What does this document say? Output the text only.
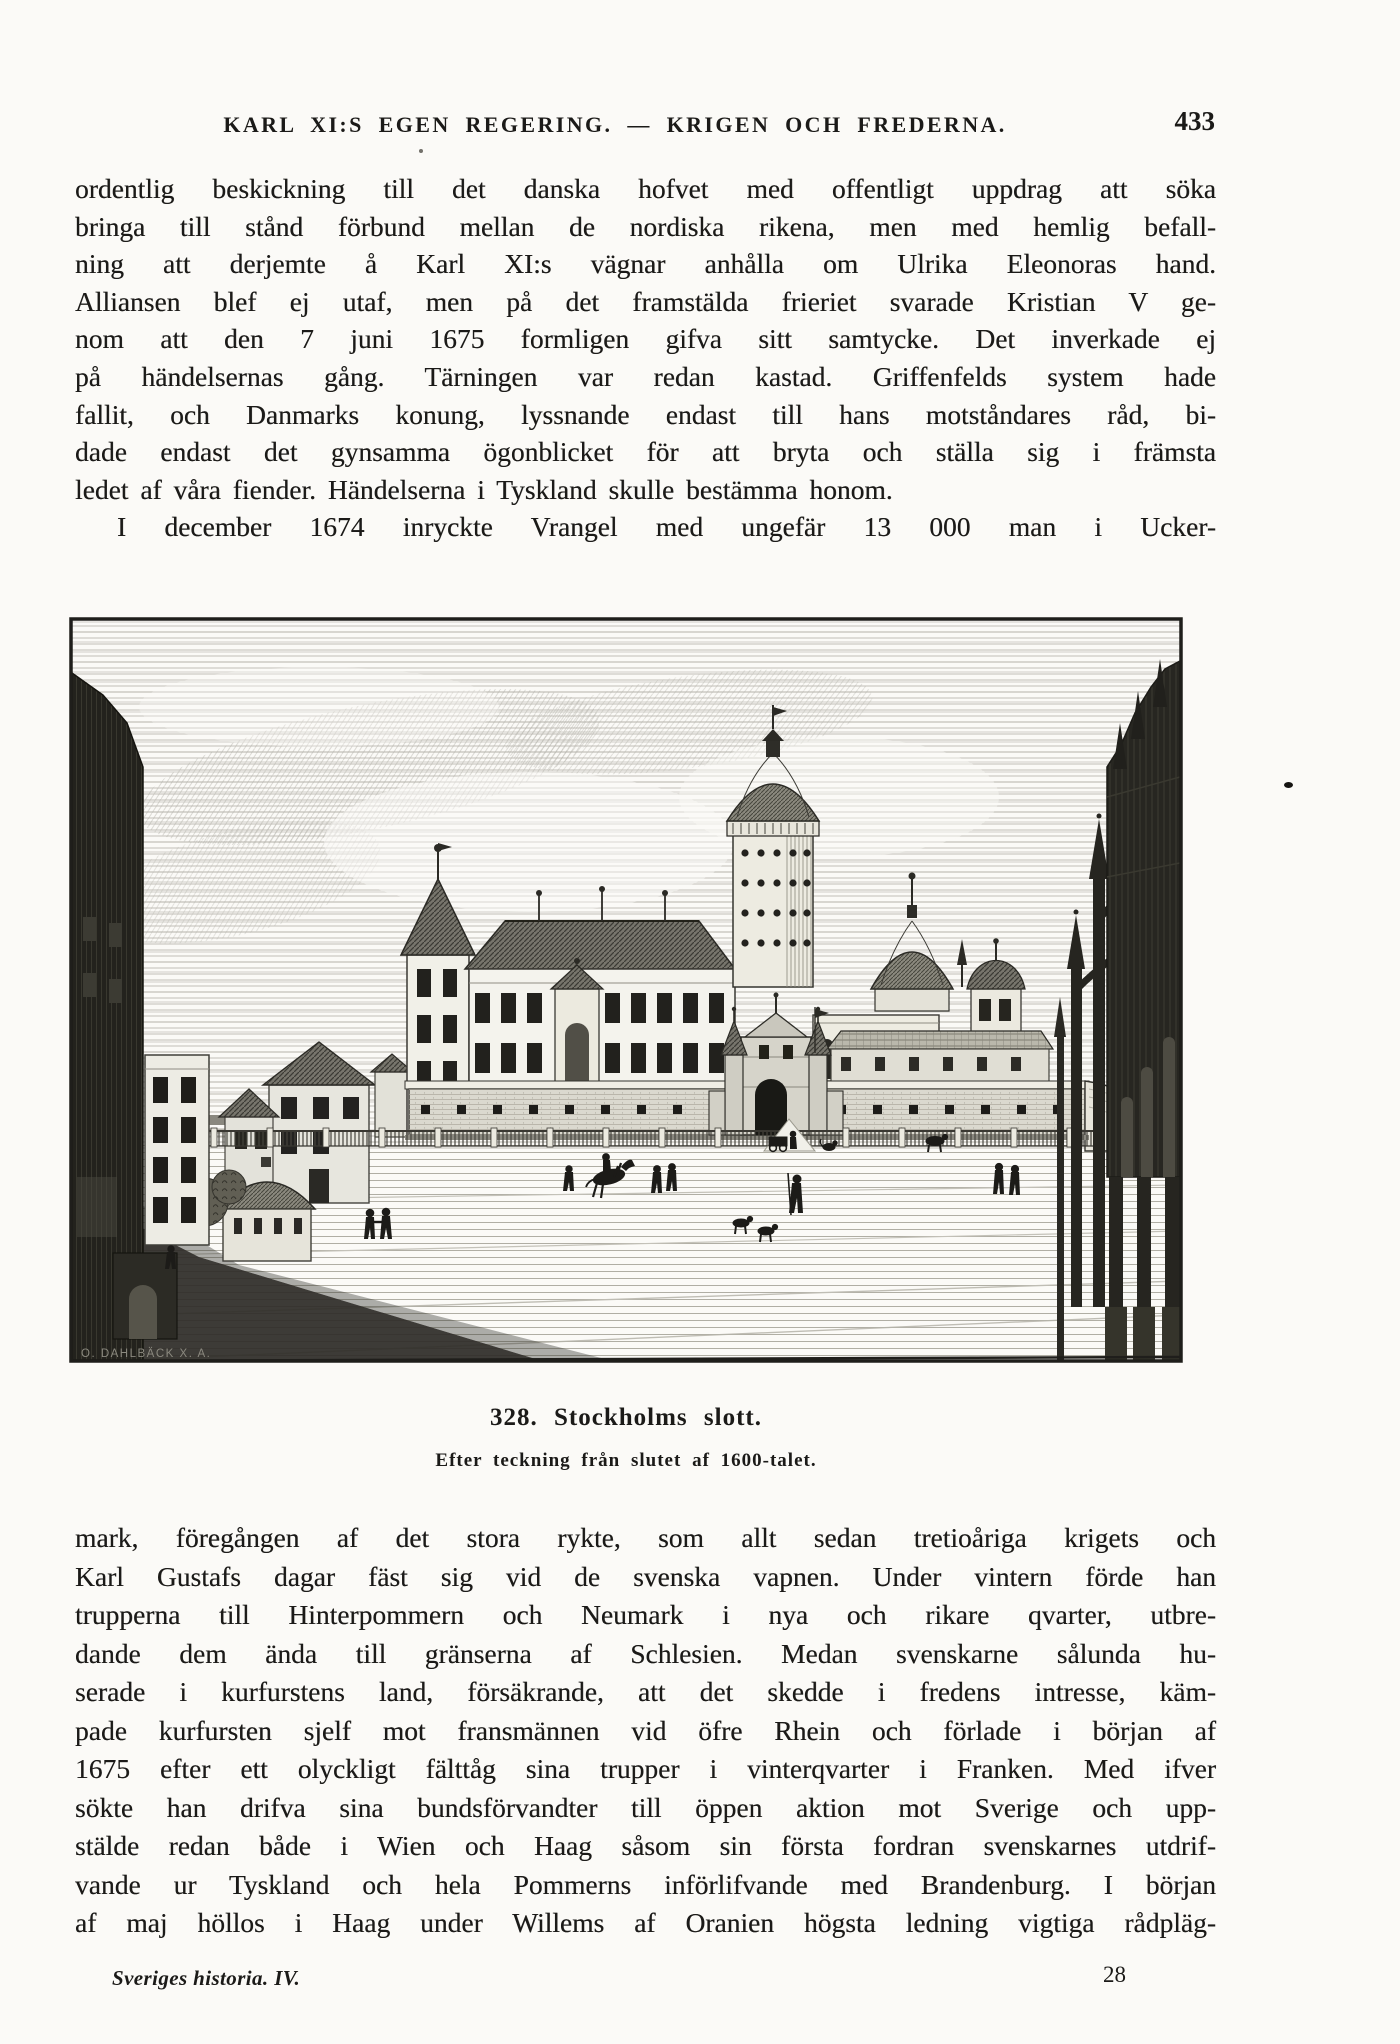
KARL XI:S EGEN REGERING. — KRIGEN OCH FREDERNA.	433
ordentlig beskickning till det danska hofvet med offentligt uppdrag att söka
bringa till stånd förbund mellan de nordiska rikena, men med hemlig befall-
ning att derjemte å Karl XI:s vägnar anhålla om Ulrika Eleonoras hand.
Alliansen blef ej utaf, men på det framstälda frieriet svarade Kristian V ge-
nom att den 7 juni 1675 formligen gifva sitt samtycke. Det inverkade ej
på händelsernas gång. Tärningen var redan kastad. Griffenfelds system hade
fallit, och Danmarks konung, lyssnande endast till hans motståndares råd, bi-
dade endast det gynsamma ögonblicket för att bryta och ställa sig i främsta
ledet af våra fiender. Händelserna i Tyskland skulle bestämma honom.
I december 1674 inryckte Vrangel med ungefär 13 000 man i Ucker-
O. DAHLBÄCK X. A.
328. Stockholms slott.
Efter teckning från slutet af 1600-talet.
mark, föregången af det stora rykte, som allt sedan tretioåriga krigets och
Karl Gustafs dagar fäst sig vid de svenska vapnen. Under vintern förde han
trupperna till Hinterpommern och Neumark i nya och rikare qvarter, utbre-
dande dem ända till gränserna af Schlesien. Medan svenskarne sålunda hu-
serade i kurfurstens land, försäkrande, att det skedde i fredens intresse, käm-
pade kurfursten sjelf mot fransmännen vid öfre Rhein och förlade i början af
1675 efter ett olyckligt fälttåg sina trupper i vinterqvarter i Franken. Med ifver
sökte han drifva sina bundsförvandter till öppen aktion mot Sverige och upp-
stälde redan både i Wien och Haag såsom sin första fordran svenskarnes utdrif-
vande ur Tyskland och hela Pommerns införlifvande med Brandenburg. I början
af maj höllos i Haag under Willems af Oranien högsta ledning vigtiga rådpläg-
Sveriges historia. IV.	28
